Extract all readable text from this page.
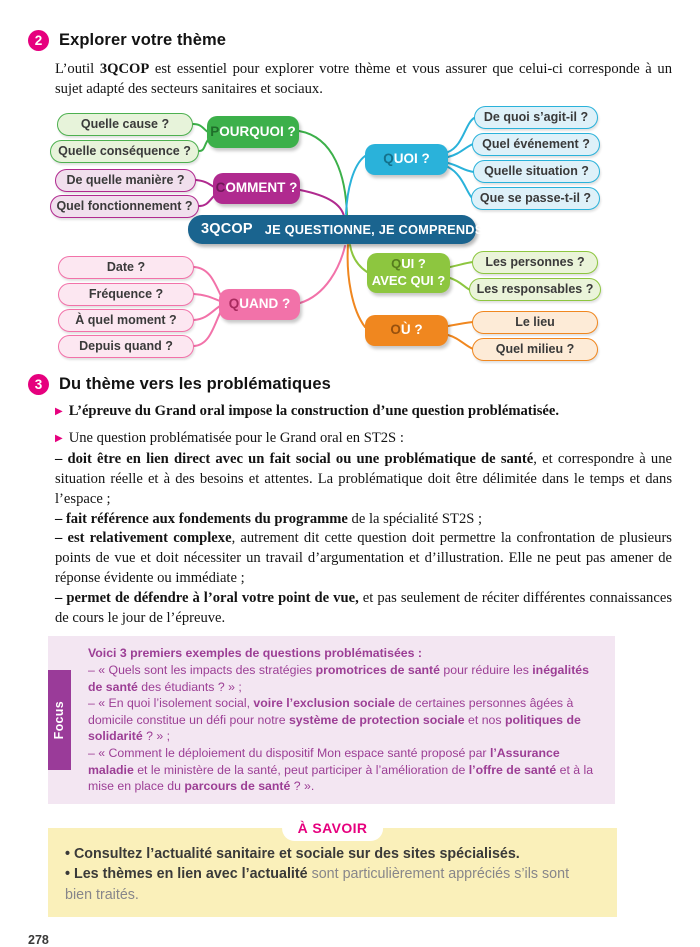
2	Explorer votre thème

L’outil 3QCOP est essentiel pour explorer votre thème et vous assurer que celui-ci corresponde à un sujet adapté des secteurs sanitaires et sociaux.

Quelle cause ?
Quelle conséquence ?
De quelle manière ?
Quel fonctionnement ?
Date ?
Fréquence ?
À quel moment ?
Depuis quand ?
De quoi s’agit-il ?
Quel événement ?
Quelle situation ?
Que se passe-t-il ?
Les personnes ?
Les responsables ?
Le lieu
Quel milieu ?
POURQUOI ?
COMMENT ?
QUAND ?
QUOI ?
QUI ?
AVEC QUI ?
OÙ ?
3QCOP JE QUESTIONNE, JE COMPRENDS
3	Du thème vers les problématiques

▶ L’épreuve du Grand oral impose la construction d’une question problématisée.

▶ Une question problématisée pour le Grand oral en ST2S :

– doit être en lien direct avec un fait social ou une problématique de santé, et correspondre à une situation réelle et à des besoins et attentes. La problématique doit être délimitée dans le temps et dans l’espace ;

– fait référence aux fondements du programme de la spécialité ST2S ;

– est relativement complexe, autrement dit cette question doit permettre la confrontation de plusieurs points de vue et doit nécessiter un travail d’argumentation et d’illustration. Elle ne peut pas amener de réponse évidente ou immédiate ;

– permet de défendre à l’oral votre point de vue, et pas seulement de réciter différentes connaissances de cours le jour de l’épreuve.

Focus

Voici 3 premiers exemples de questions problématisées :

– « Quels sont les impacts des stratégies promotrices de santé pour réduire les inégalités de santé des étudiants ? » ;

– « En quoi l’isolement social, voire l’exclusion sociale de certaines personnes âgées à domicile constitue un défi pour notre système de protection sociale et nos politiques de solidarité ? » ;

– « Comment le déploiement du dispositif Mon espace santé proposé par l’Assurance maladie et le ministère de la santé, peut participer à l’amélioration de l’offre de santé et à la mise en place du parcours de santé ? ».

À SAVOIR

• Consultez l’actualité sanitaire et sociale sur des sites spécialisés.

• Les thèmes en lien avec l’actualité sont particulièrement appréciés s’ils sont bien traités.

278
